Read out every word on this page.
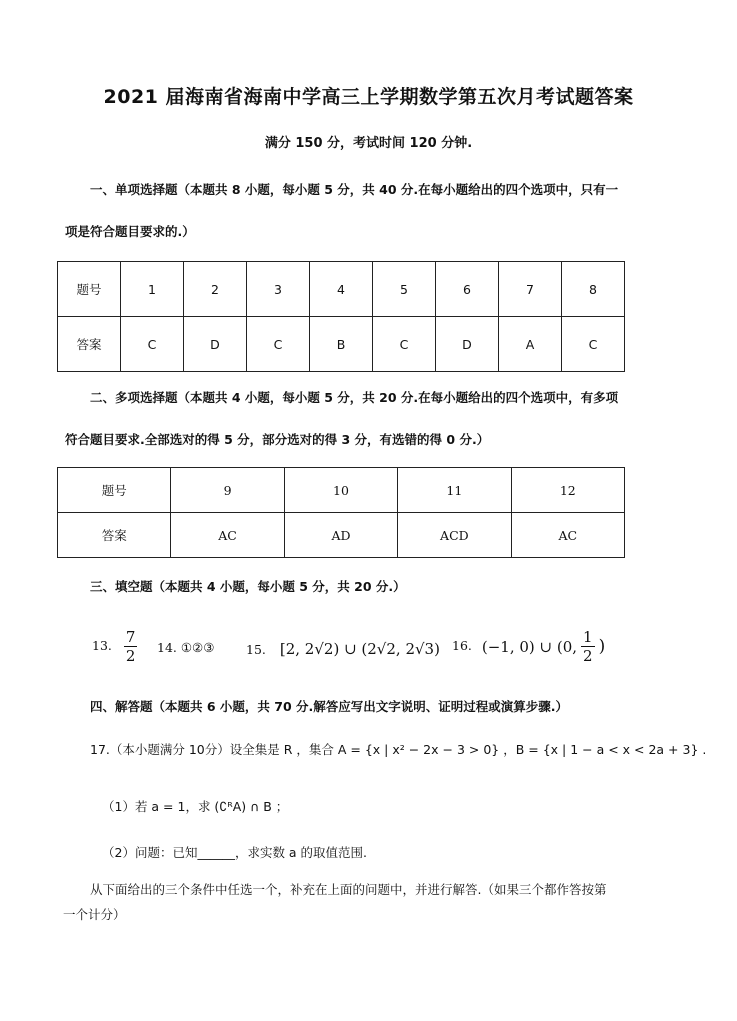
2021 届海南省海南中学高三上学期数学第五次月考试题答案
满分 150 分，考试时间 120 分钟.
一、单项选择题（本题共 8 小题，每小题 5 分，共 40 分.在每小题给出的四个选项中，只有一
项是符合题目要求的.）
题号	1	2	3	4	5	6	7	8
答案	C	D	C	B	C	D	A	C
二、多项选择题（本题共 4 小题，每小题 5 分，共 20 分.在每小题给出的四个选项中，有多项
符合题目要求.全部选对的得 5 分，部分选对的得 3 分，有选错的得 0 分.）
题号	9	10	11	12
答案	AC	AD	ACD	AC
三、填空题（本题共 4 小题，每小题 5 分，共 20 分.）
13. $\frac{7}{2} 14$. ①②③	15. [2, 2√2) ∪ (2√2, 2√3) 16. (−1, 0) ∪ (0, $\frac{1}{2}$ )
四、解答题（本题共 6 小题，共 70 分.解答应写出文字说明、证明过程或演算步骤.）
17.（本小题满分 10分）设全集是 R ，集合 A = {x | x² − 2x − 3 > 0} ，B = {x | 1 − a < x < 2a + 3} .
（1）若 a = 1，求 (∁ᴿA) ∩ B ；
（2）问题：已知______，求实数 a 的取值范围.
从下面给出的三个条件中任选一个，补充在上面的问题中，并进行解答.（如果三个都作答按第
一个计分）
